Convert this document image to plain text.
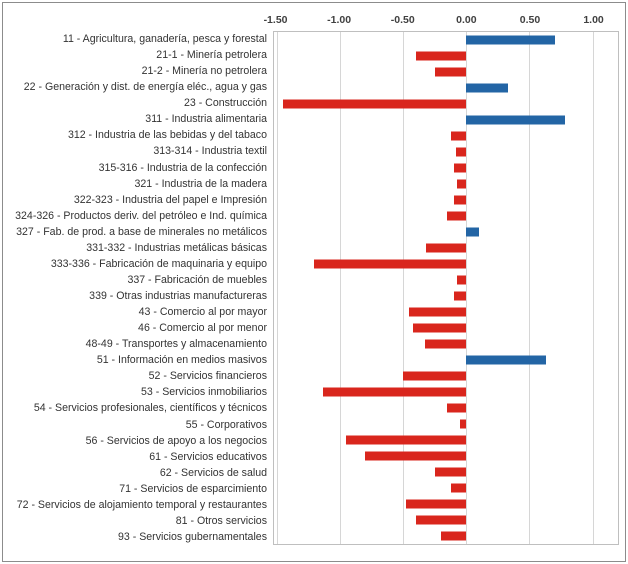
-1.50	-1.00	-0.50	0.00	0.50	1.00
11 - Agricultura, ganadería, pesca y forestal
21-1 - Minería petrolera
21-2 - Minería no petrolera
22 - Generación y dist. de energía eléc., agua y gas
23 - Construcción
311 - Industria alimentaria
312 - Industria de las bebidas y del tabaco
313-314 - Industria textil
315-316 - Industria de la confección
321 - Industria de la madera
322-323 - Industria del papel e Impresión
324-326 - Productos deriv. del petróleo e Ind. química
327 - Fab. de prod. a base de minerales no metálicos
331-332 - Industrias metálicas básicas
333-336 - Fabricación de maquinaria y equipo
337 - Fabricación de muebles
339 - Otras industrias manufactureras
43 - Comercio al por mayor
46 - Comercio al por menor
48-49 - Transportes y almacenamiento
51 - Información en medios masivos
52 - Servicios financieros
53 - Servicios inmobiliarios
54 - Servicios profesionales, científicos y técnicos
55 - Corporativos
56 - Servicios de apoyo a los negocios
61 - Servicios educativos
62 - Servicios de salud
71 - Servicios de esparcimiento
72 - Servicios de alojamiento temporal y restaurantes
81 - Otros servicios
93 - Servicios gubernamentales
